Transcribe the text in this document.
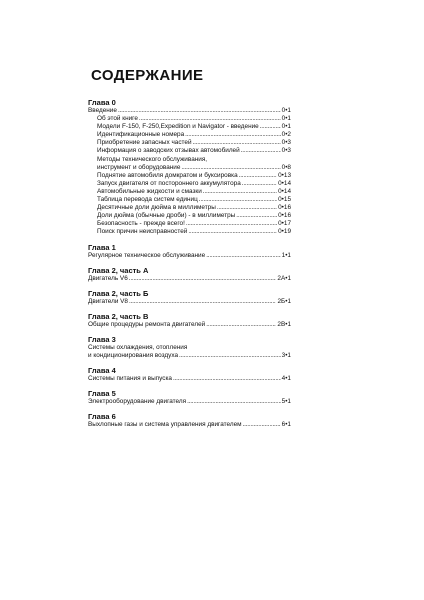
СОДЕРЖАНИЕ
Глава 0
Введение .....	0•1
Об этой книге .....	0•1
Модели F-150, F-250,Expedition и Navigator - введение .....	0•1
Идентификационные номера .....	0•2
Приобретение запасных частей .....	0•3
Информация о заводских отзывах автомобилей .....	0•3
Методы технического обслуживания,
инструмент и оборудование .....	0•8
Поднятие автомобиля домкратом и буксировка .....	0•13
Запуск двигателя от постороннего аккумулятора .....	0•14
Автомобильные жидкости и смазки .....	0•14
Таблица перевода систем единиц .....	0•15
Десятичные доли дюйма в миллиметры .....	0•16
Доли дюйма (обычные дроби) - в миллиметры .....	0•16
Безопасность - прежде всего! .....	0•17
Поиск причин неисправностей .....	0•19
Глава 1
Регулярное техническое обслуживание .....	1•1
Глава 2, часть А
Двигатель V6 .....	2А•1
Глава 2, часть Б
Двигатели V8 .....	2Б•1
Глава 2, часть В
Общие процедуры ремонта двигателей .....	2В•1
Глава 3
Системы охлаждения, отопления
и кондиционирования воздуха .....	3•1
Глава 4
Системы питания и выпуска .....	4•1
Глава 5
Электрооборудование двигателя .....	5•1
Глава 6
Выхлопные газы и система управления двигателем .....	6•1
